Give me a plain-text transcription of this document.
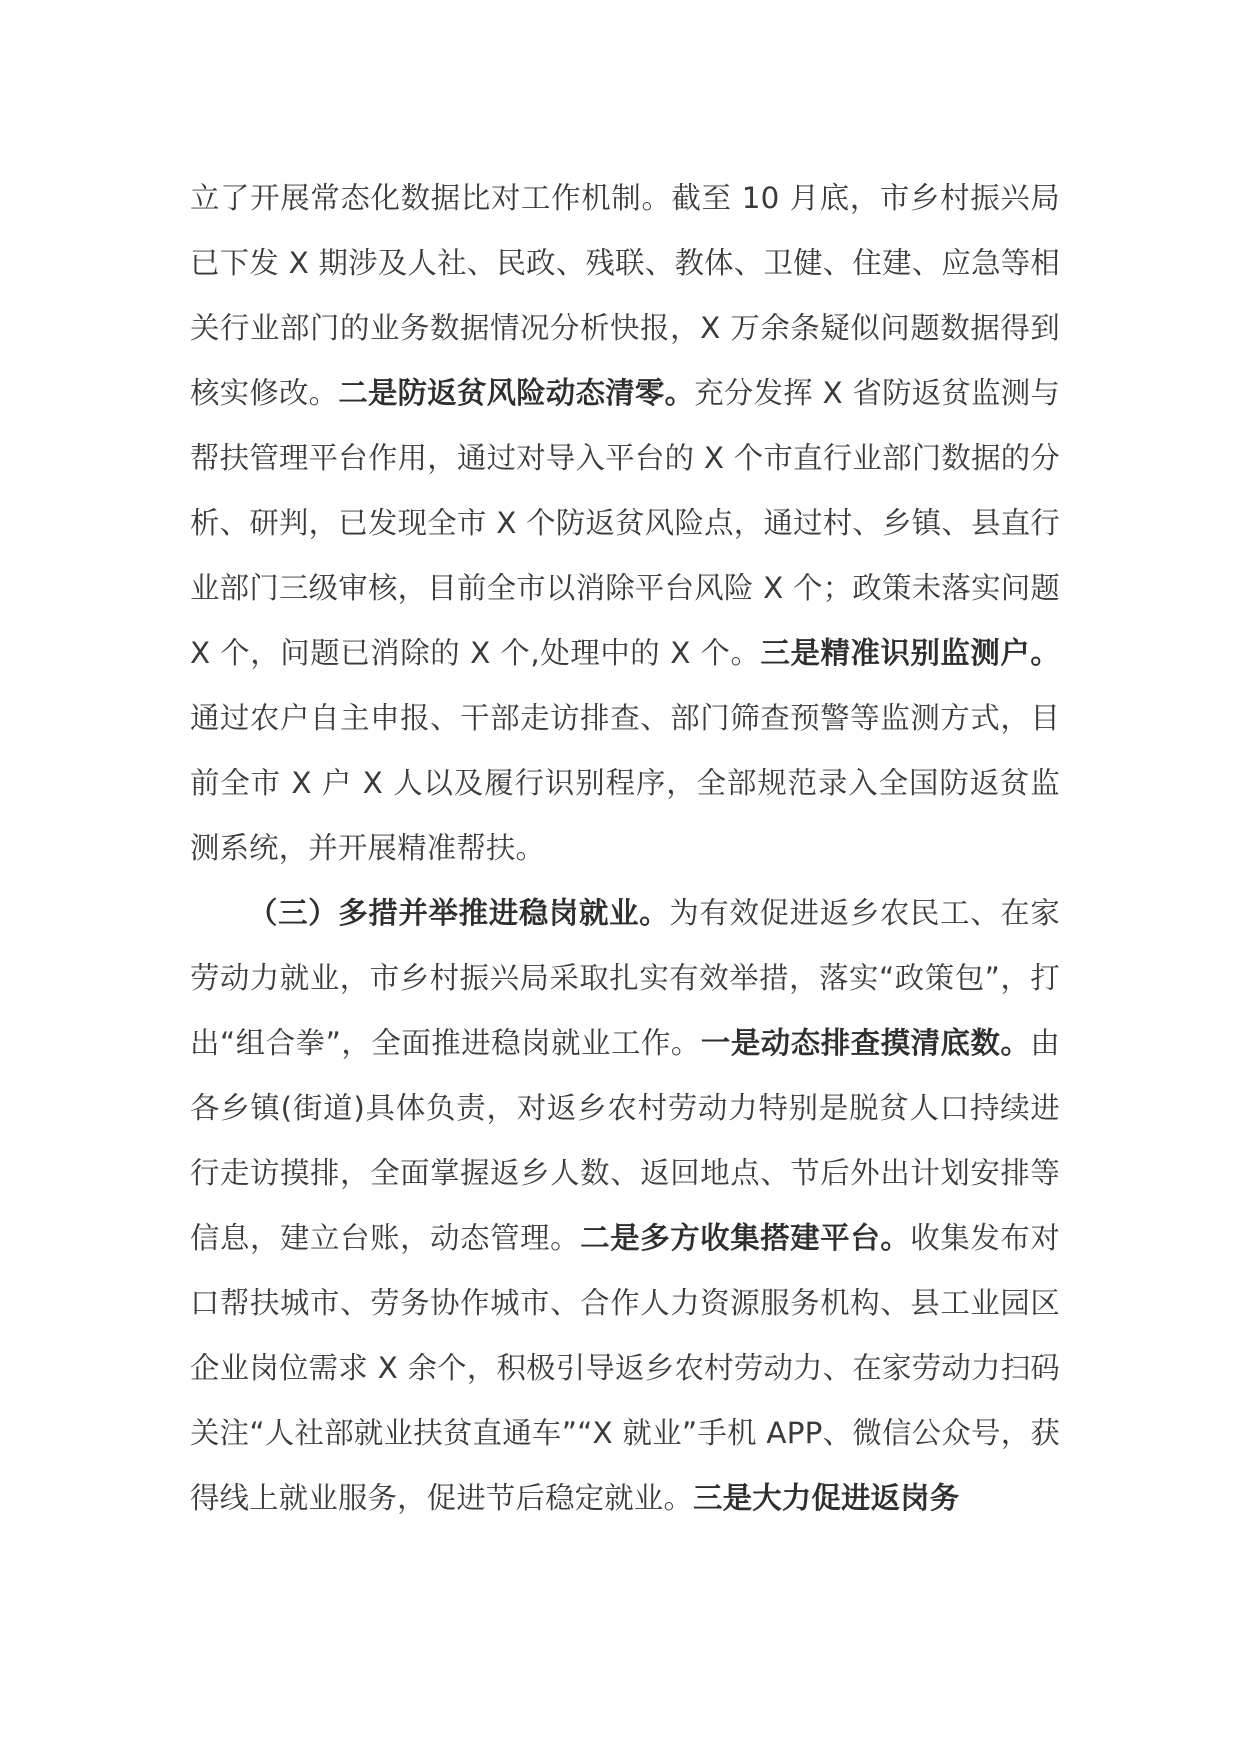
立了开展常态化数据比对工作机制。截至 10 月底，市乡村振兴局已下发 X 期涉及人社、民政、残联、教体、卫健、住建、应急等相关行业部门的业务数据情况分析快报，X 万余条疑似问题数据得到核实修改。二是防返贫风险动态清零。充分发挥 X 省防返贫监测与帮扶管理平台作用，通过对导入平台的 X 个市直行业部门数据的分析、研判，已发现全市 X 个防返贫风险点，通过村、乡镇、县直行业部门三级审核，目前全市以消除平台风险 X 个；政策未落实问题 X 个，问题已消除的 X 个,处理中的 X 个。三是精准识别监测户。通过农户自主申报、干部走访排查、部门筛查预警等监测方式，目前全市 X 户 X 人以及履行识别程序，全部规范录入全国防返贫监测系统，并开展精准帮扶。

（三）多措并举推进稳岗就业。为有效促进返乡农民工、在家劳动力就业，市乡村振兴局采取扎实有效举措，落实“政策包”，打出“组合拳”，全面推进稳岗就业工作。一是动态排查摸清底数。由各乡镇(街道)具体负责，对返乡农村劳动力特别是脱贫人口持续进行走访摸排，全面掌握返乡人数、返回地点、节后外出计划安排等信息，建立台账，动态管理。二是多方收集搭建平台。收集发布对口帮扶城市、劳务协作城市、合作人力资源服务机构、县工业园区企业岗位需求 X 余个，积极引导返乡农村劳动力、在家劳动力扫码关注“人社部就业扶贫直通车”“X 就业”手机 APP、微信公众号，获得线上就业服务，促进节后稳定就业。三是大力促进返岗务
